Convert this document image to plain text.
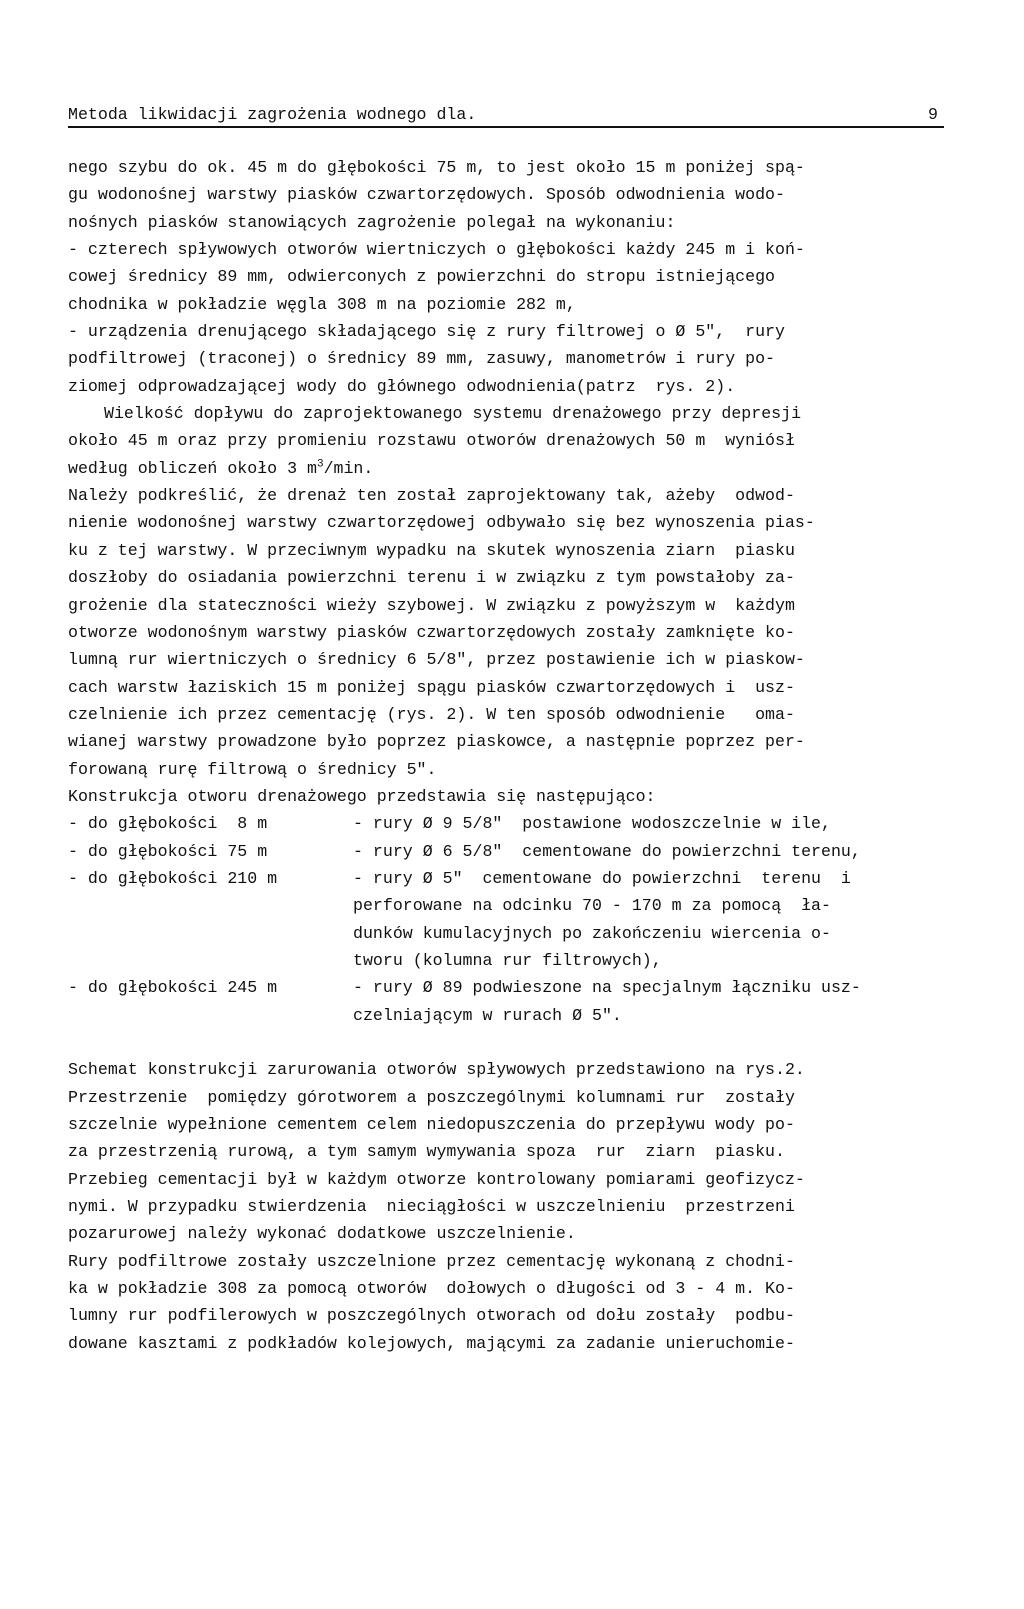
Metoda likwidacji zagrożenia wodnego dla.	9
nego szybu do ok. 45 m do głębokości 75 m, to jest około 15 m poniżej spą-
gu wodonośnej warstwy piasków czwartorzędowych. Sposób odwodnienia wodo-
nośnych piasków stanowiących zagrożenie polegał na wykonaniu:
- czterech spływowych otworów wiertniczych o głębokości każdy 245 m i koń-
cowej średnicy 89 mm, odwierconych z powierzchni do stropu istniejącego
chodnika w pokładzie węgla 308 m na poziomie 282 m,
- urządzenia drenującego składającego się z rury filtrowej o Ø 5",  rury
podfiltrowej (traconej) o średnicy 89 mm, zasuwy, manometrów i rury po-
ziomej odprowadzającej wody do głównego odwodnienia(patrz  rys. 2).
Wielkość dopływu do zaprojektowanego systemu drenażowego przy depresji
około 45 m oraz przy promieniu rozstawu otworów drenażowych 50 m  wyniósł
według obliczeń około 3 $m^3/\min$.
Należy podkreślić, że drenaż ten został zaprojektowany tak, ażeby  odwod-
nienie wodonośnej warstwy czwartorzędowej odbywało się bez wynoszenia pias-
ku z tej warstwy. W przeciwnym wypadku na skutek wynoszenia ziarn  piasku
doszłoby do osiadania powierzchni terenu i w związku z tym powstałoby za-
grożenie dla stateczności wieży szybowej. W związku z powyższym w  każdym
otworze wodonośnym warstwy piasków czwartorzędowych zostały zamknięte ko-
lumną rur wiertniczych o średnicy 6 5/8", przez postawienie ich w piaskow-
cach warstw łaziskich 15 m poniżej spągu piasków czwartorzędowych i  usz-
czelnienie ich przez cementację (rys. 2). W ten sposób odwodnienie   oma-
wianej warstwy prowadzone było poprzez piaskowce, a następnie poprzez per-
forowaną rurę filtrową o średnicy 5".
Konstrukcja otworu drenażowego przedstawia się następująco:
- do głębokości  8 m	- rury Ø 9 5/8"  postawione wodoszczelnie w ile,
- do głębokości 75 m	- rury Ø 6 5/8"  cementowane do powierzchni terenu,
- do głębokości 210 m	- rury Ø 5"  cementowane do powierzchni  terenu  i
perforowane na odcinku 70 - 170 m za pomocą  ła-
dunków kumulacyjnych po zakończeniu wiercenia o-
tworu (kolumna rur filtrowych),
- do głębokości 245 m	- rury Ø 89 podwieszone na specjalnym łączniku usz-
czelniającym w rurach Ø 5".
Schemat konstrukcji zarurowania otworów spływowych przedstawiono na rys.2.
Przestrzenie  pomiędzy górotworem a poszczególnymi kolumnami rur  zostały
szczelnie wypełnione cementem celem niedopuszczenia do przepływu wody po-
za przestrzenią rurową, a tym samym wymywania spoza  rur  ziarn  piasku.
Przebieg cementacji był w każdym otworze kontrolowany pomiarami geofizycz-
nymi. W przypadku stwierdzenia  nieciągłości w uszczelnieniu  przestrzeni
pozarurowej należy wykonać dodatkowe uszczelnienie.
Rury podfiltrowe zostały uszczelnione przez cementację wykonaną z chodni-
ka w pokładzie 308 za pomocą otworów  dołowych o długości od 3 - 4 m. Ko-
lumny rur podfilerowych w poszczególnych otworach od dołu zostały  podbu-
dowane kasztami z podkładów kolejowych, mającymi za zadanie unieruchomie-
